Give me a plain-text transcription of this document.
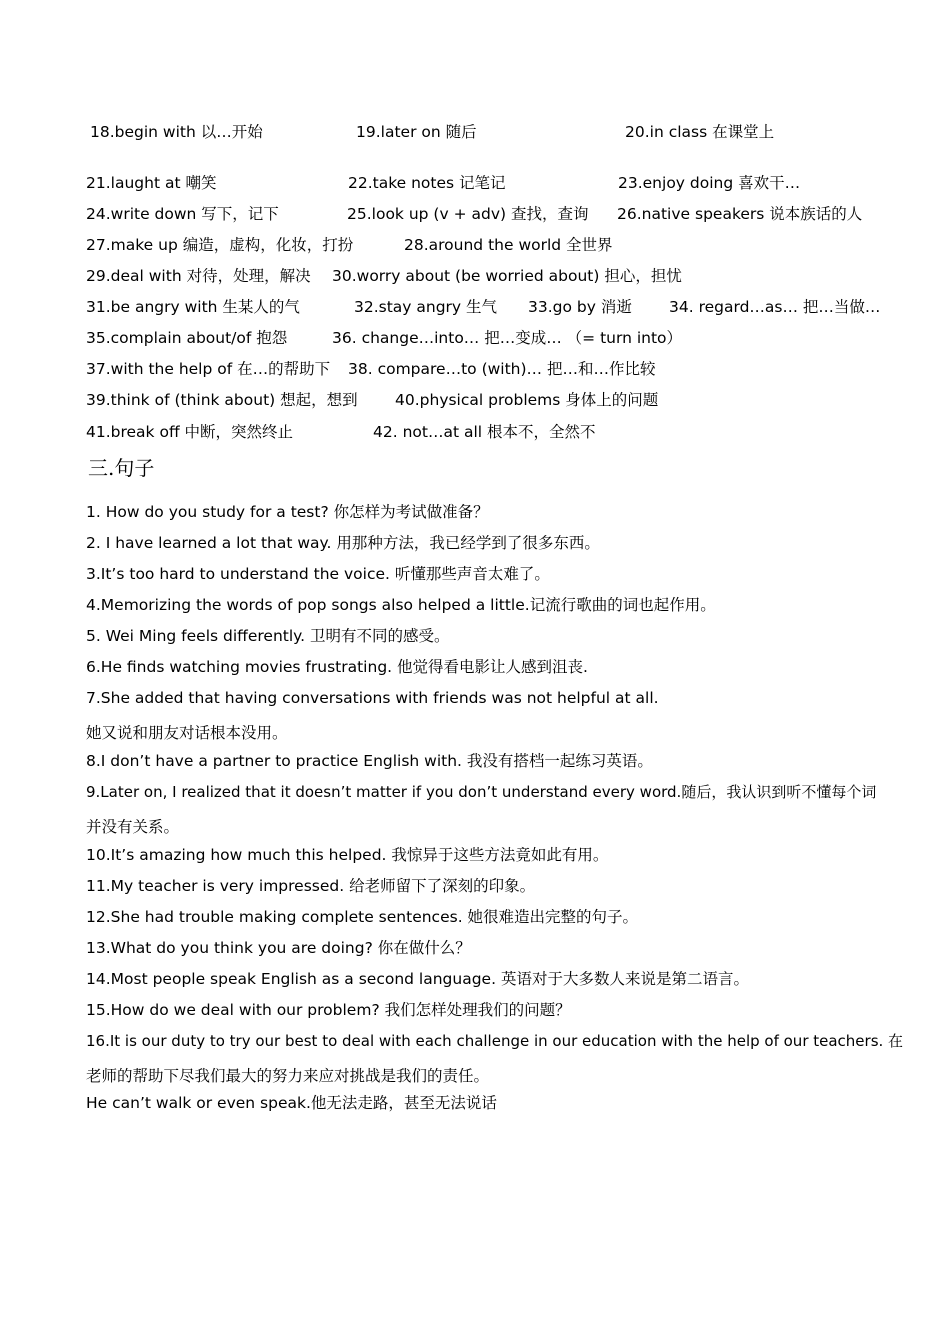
18.begin with 以…开始	19.later on 随后	20.in class 在课堂上
21.laught at 嘲笑	22.take notes 记笔记	23.enjoy doing 喜欢干…
24.write down 写下，记下	25.look up (v + adv) 查找，查询 26.native speakers 说本族话的人
27.make up 编造，虚构，化妆，打扮	28.around the world 全世界
29.deal with 对待，处理，解决 30.worry about (be worried about) 担心，担忧
31.be angry with 生某人的气	32.stay angry 生气 33.go by 消逝 34. regard…as… 把…当做…
35.complain about/of 抱怨	36. change…into… 把…变成… （= turn into）
37.with the help of 在…的帮助下 38. compare…to (with)… 把…和…作比较
39.think of (think about) 想起，想到 40.physical problems 身体上的问题
41.break off 中断，突然终止	42. not…at all 根本不，全然不
三.句子
1. How do you study for a test? 你怎样为考试做准备？
2. I have learned a lot that way. 用那种方法，我已经学到了很多东西。
3.It’s too hard to understand the voice. 听懂那些声音太难了。
4.Memorizing the words of pop songs also helped a little.记流行歌曲的词也起作用。
5. Wei Ming feels differently. 卫明有不同的感受。
6.He finds watching movies frustrating. 他觉得看电影让人感到沮丧.
7.She added that having conversations with friends was not helpful at all.
她又说和朋友对话根本没用。
8.I don’t have a partner to practice English with. 我没有搭档一起练习英语。
9.Later on, I realized that it doesn’t matter if you don’t understand every word.随后，我认识到听不懂每个词
并没有关系。
10.It’s amazing how much this helped. 我惊异于这些方法竟如此有用。
11.My teacher is very impressed. 给老师留下了深刻的印象。
12.She had trouble making complete sentences. 她很难造出完整的句子。
13.What do you think you are doing? 你在做什么？
14.Most people speak English as a second language. 英语对于大多数人来说是第二语言。
15.How do we deal with our problem? 我们怎样处理我们的问题？
16.It is our duty to try our best to deal with each challenge in our education with the help of our teachers. 在
老师的帮助下尽我们最大的努力来应对挑战是我们的责任。
He can’t walk or even speak.他无法走路，甚至无法说话
